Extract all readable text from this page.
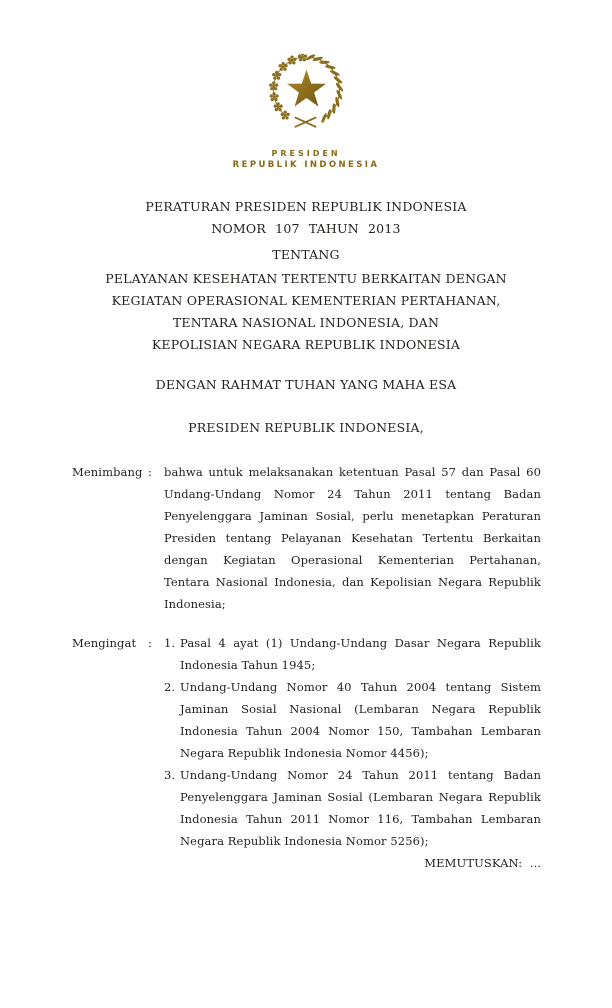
PRESIDEN
REPUBLIK INDONESIA
PERATURAN PRESIDEN REPUBLIK INDONESIA
NOMOR 107 TAHUN 2013
TENTANG
PELAYANAN KESEHATAN TERTENTU BERKAITAN DENGAN
KEGIATAN OPERASIONAL KEMENTERIAN PERTAHANAN,
TENTARA NASIONAL INDONESIA, DAN
KEPOLISIAN NEGARA REPUBLIK INDONESIA
DENGAN RAHMAT TUHAN YANG MAHA ESA
PRESIDEN REPUBLIK INDONESIA,
Menimbang :	bahwa untuk melaksanakan ketentuan Pasal 57 dan Pasal 60
Undang-Undang Nomor 24 Tahun 2011 tentang Badan
Penyelenggara Jaminan Sosial, perlu menetapkan Peraturan
Presiden tentang Pelayanan Kesehatan Tertentu Berkaitan
dengan Kegiatan Operasional Kementerian Pertahanan,
Tentara Nasional Indonesia, dan Kepolisian Negara Republik
Indonesia;
Mengingat	:	1. Pasal 4 ayat (1) Undang-Undang Dasar Negara Republik
Indonesia Tahun 1945;
2. Undang-Undang Nomor 40 Tahun 2004 tentang Sistem
Jaminan Sosial Nasional (Lembaran Negara Republik
Indonesia Tahun 2004 Nomor 150, Tambahan Lembaran
Negara Republik Indonesia Nomor 4456);
3. Undang-Undang Nomor 24 Tahun 2011 tentang Badan
Penyelenggara Jaminan Sosial (Lembaran Negara Republik
Indonesia Tahun 2011 Nomor 116, Tambahan Lembaran
Negara Republik Indonesia Nomor 5256);
MEMUTUSKAN:  ...
